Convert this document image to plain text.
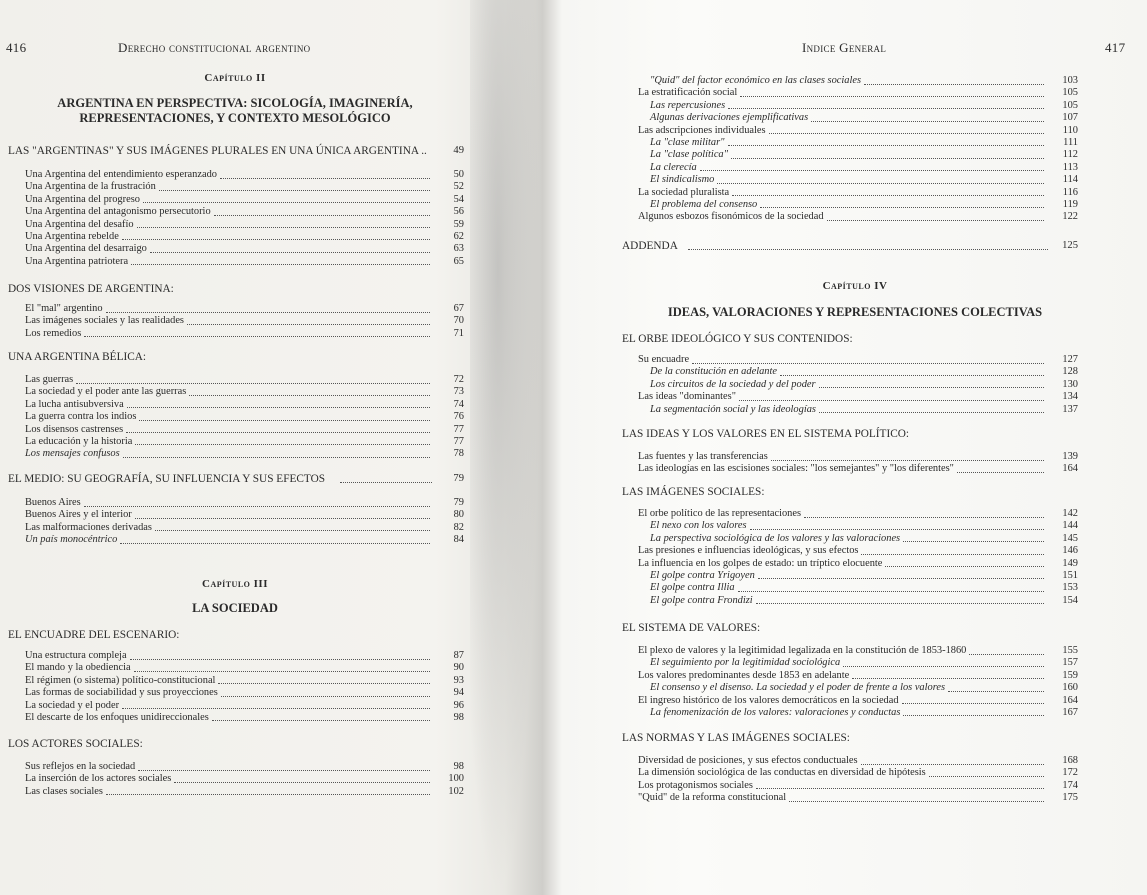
416	Derecho constitucional argentino
Capítulo II
ARGENTINA EN PERSPECTIVA: SICOLOGÍA, IMAGINERÍA,
REPRESENTACIONES, Y CONTEXTO MESOLÓGICO
LAS "ARGENTINAS" Y SUS IMÁGENES PLURALES EN UNA ÚNICA ARGENTINA ..	49
Una Argentina del entendimiento esperanzado	50
Una Argentina de la frustración	52
Una Argentina del progreso	54
Una Argentina del antagonismo persecutorio	56
Una Argentina del desafío	59
Una Argentina rebelde	62
Una Argentina del desarraigo	63
Una Argentina patriotera	65
DOS VISIONES DE ARGENTINA:
El "mal" argentino	67
Las imágenes sociales y las realidades	70
Los remedios	71
UNA ARGENTINA BÉLICA:
Las guerras	72
La sociedad y el poder ante las guerras	73
La lucha antisubversiva	74
La guerra contra los indios	76
Los disensos castrenses	77
La educación y la historia	77
Los mensajes confusos	78
EL MEDIO: SU GEOGRAFÍA, SU INFLUENCIA Y SUS EFECTOS	79
Buenos Aires	79
Buenos Aires y el interior	80
Las malformaciones derivadas	82
Un país monocéntrico	84
Capítulo III
LA SOCIEDAD
EL ENCUADRE DEL ESCENARIO:
Una estructura compleja	87
El mando y la obediencia	90
El régimen (o sistema) político-constitucional	93
Las formas de sociabilidad y sus proyecciones	94
La sociedad y el poder	96
El descarte de los enfoques unidireccionales	98
LOS ACTORES SOCIALES:
Sus reflejos en la sociedad	98
La inserción de los actores sociales	100
Las clases sociales	102
Indice General	417
"Quid" del factor económico en las clases sociales	103
La estratificación social	105
Las repercusiones	105
Algunas derivaciones ejemplificativas	107
Las adscripciones individuales	110
La "clase militar"	111
La "clase política"	112
La clerecía	113
El sindicalismo	114
La sociedad pluralista	116
El problema del consenso	119
Algunos esbozos fisonómicos de la sociedad	122
ADDENDA	125
Capítulo IV
IDEAS, VALORACIONES Y REPRESENTACIONES COLECTIVAS
EL ORBE IDEOLÓGICO Y SUS CONTENIDOS:
Su encuadre	127
De la constitución en adelante	128
Los circuitos de la sociedad y del poder	130
Las ideas "dominantes"	134
La segmentación social y las ideologías	137
LAS IDEAS Y LOS VALORES EN EL SISTEMA POLÍTICO:
Las fuentes y las transferencias	139
Las ideologías en las escisiones sociales: "los semejantes" y "los diferentes"	164
LAS IMÁGENES SOCIALES:
El orbe político de las representaciones	142
El nexo con los valores	144
La perspectiva sociológica de los valores y las valoraciones	145
Las presiones e influencias ideológicas, y sus efectos	146
La influencia en los golpes de estado: un tríptico elocuente	149
El golpe contra Yrigoyen	151
El golpe contra Illia	153
El golpe contra Frondizi	154
EL SISTEMA DE VALORES:
El plexo de valores y la legitimidad legalizada en la constitución de 1853-1860	155
El seguimiento por la legitimidad sociológica	157
Los valores predominantes desde 1853 en adelante	159
El consenso y el disenso. La sociedad y el poder de frente a los valores	160
El ingreso histórico de los valores democráticos en la sociedad	164
La fenomenización de los valores: valoraciones y conductas	167
LAS NORMAS Y LAS IMÁGENES SOCIALES:
Diversidad de posiciones, y sus efectos conductuales	168
La dimensión sociológica de las conductas en diversidad de hipótesis	172
Los protagonismos sociales	174
"Quid" de la reforma constitucional	175
